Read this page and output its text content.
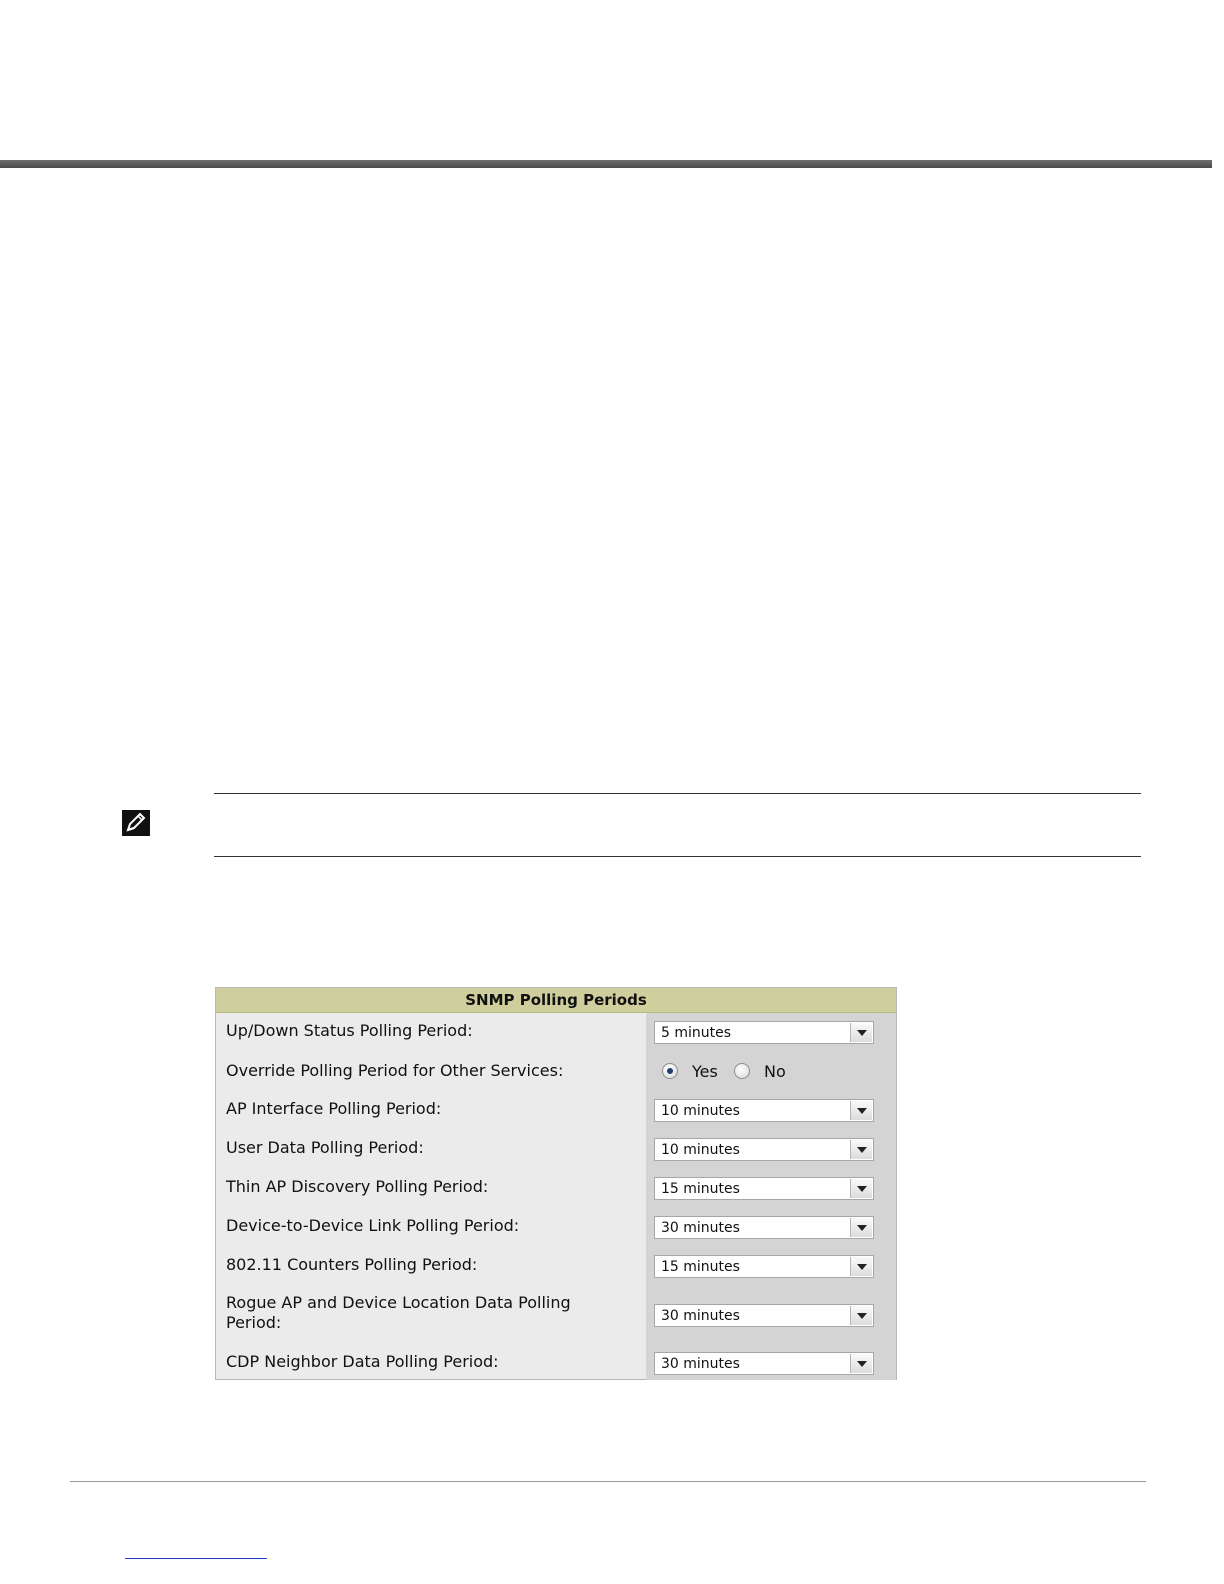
SNMP Polling Periods
Up/Down Status Polling Period:	5 minutes
Override Polling Period for Other Services:	Yes	No
AP Interface Polling Period:	10 minutes
User Data Polling Period:	10 minutes
Thin AP Discovery Polling Period:	15 minutes
Device-to-Device Link Polling Period:	30 minutes
802.11 Counters Polling Period:	15 minutes
Rogue AP and Device Location Data Polling Period:	30 minutes
CDP Neighbor Data Polling Period:	30 minutes
